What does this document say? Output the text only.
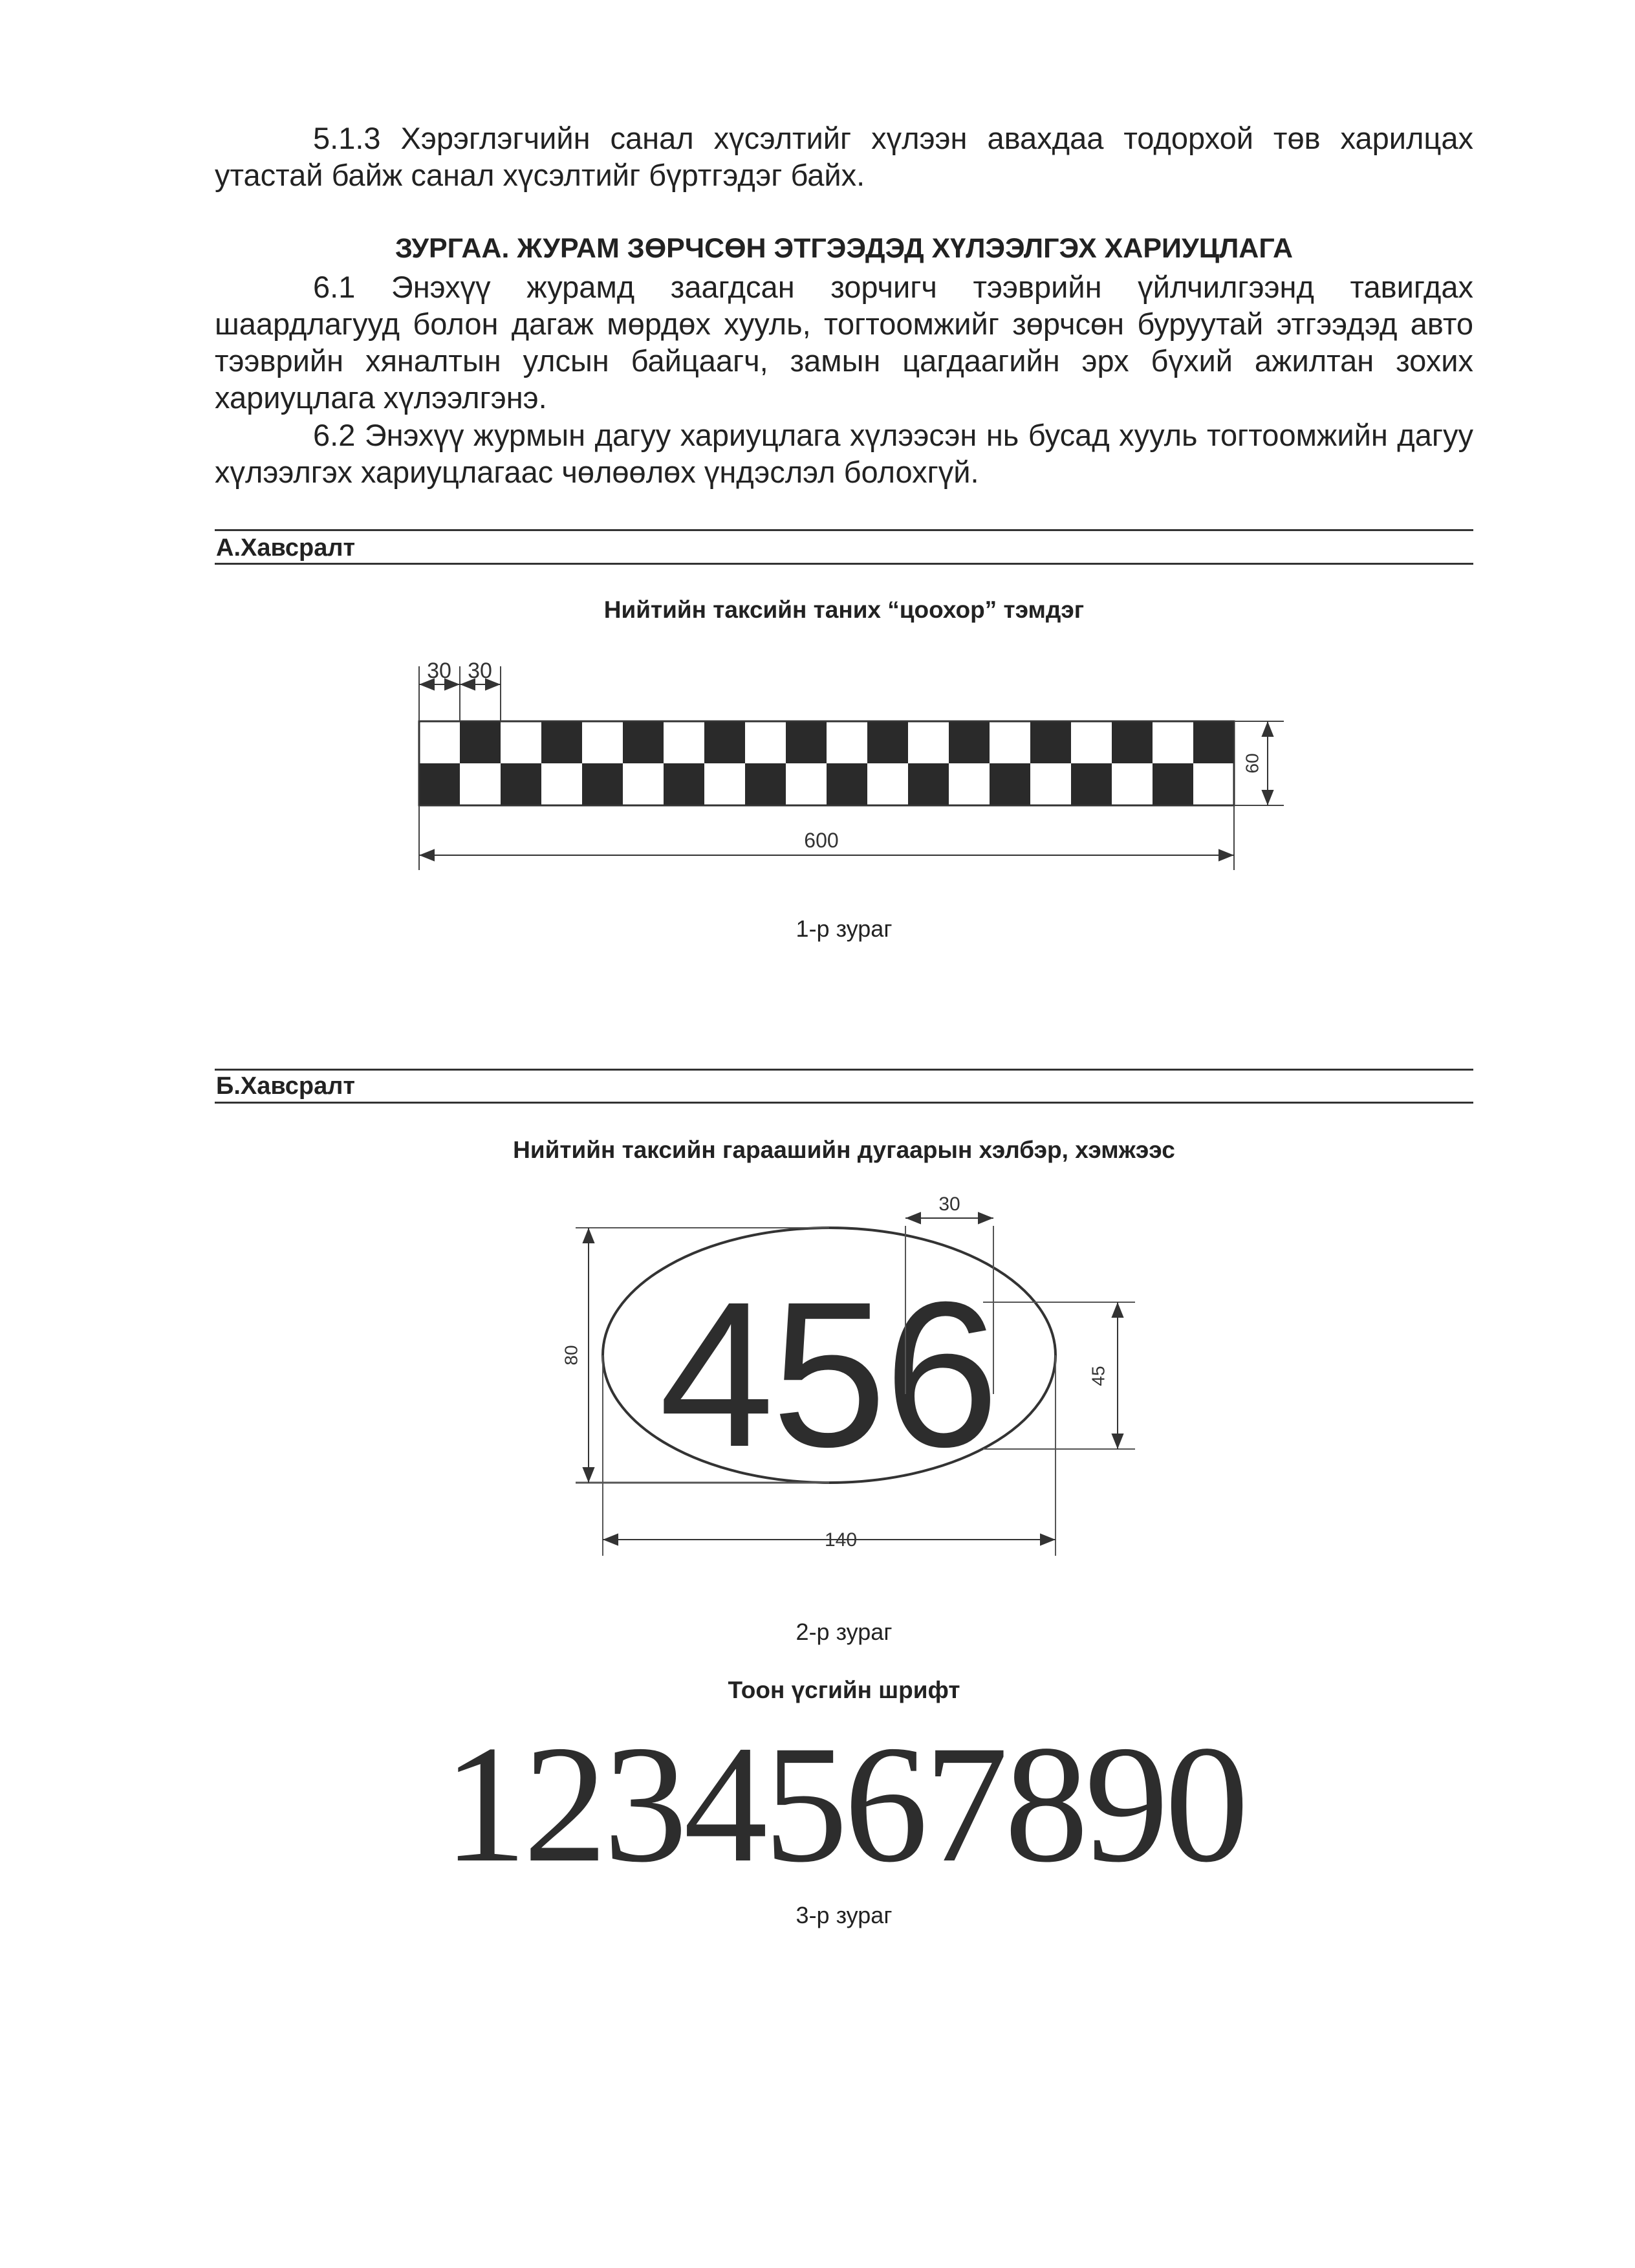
5.1.3 Хэрэглэгчийн санал хүсэлтийг хүлээн авахдаа тодорхой төв харилцах утастай байж санал хүсэлтийг бүртгэдэг байх.
ЗУРГАА. ЖУРАМ ЗӨРЧСӨН ЭТГЭЭДЭД ХҮЛЭЭЛГЭХ ХАРИУЦЛАГА
6.1 Энэхүү журамд заагдсан зорчигч тээврийн үйлчилгээнд тавигдах шаардлагууд болон дагаж мөрдөх хууль, тогтоомжийг зөрчсөн буруутай этгээдэд авто тээврийн хяналтын улсын байцаагч, замын цагдаагийн эрх бүхий ажилтан зохих хариуцлага хүлээлгэнэ.
6.2 Энэхүү журмын дагуу хариуцлага хүлээсэн нь бусад хууль тогтоомжийн дагуу хүлээлгэх хариуцлагаас чөлөөлөх үндэслэл болохгүй.
А.Хавсралт
Нийтийн таксийн таних “цоохор” тэмдэг
30 30
60
600
1-р зураг
Б.Хавсралт
Нийтийн таксийн гараашийн дугаарын хэлбэр, хэмжээс
456
30
45
80
140
2-р зураг
Тоон үсгийн шрифт
1234567890
3-р зураг
